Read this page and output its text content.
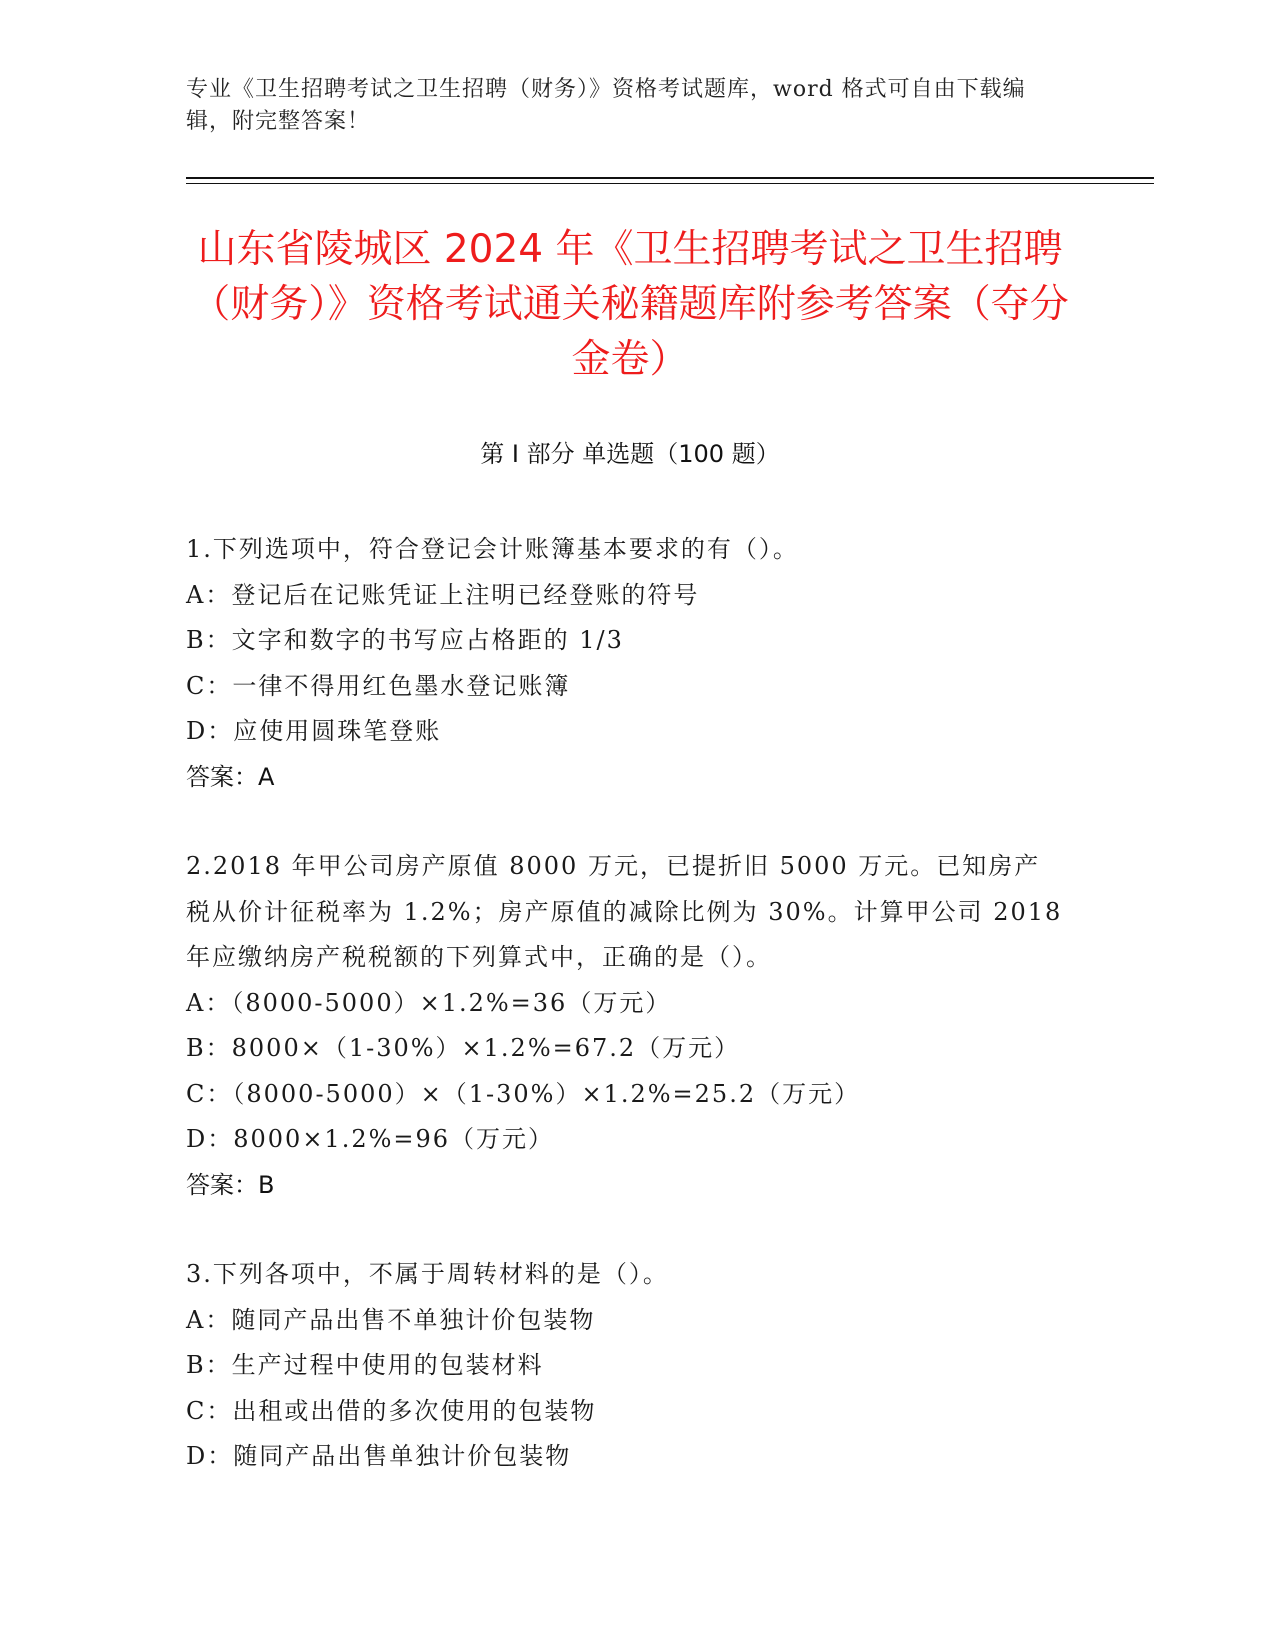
专业《卫生招聘考试之卫生招聘（财务）》资格考试题库，word 格式可自由下载编辑，附完整答案！
山东省陵城区 2024 年《卫生招聘考试之卫生招聘（财务）》资格考试通关秘籍题库附参考答案（夺分金卷）
第 I 部分 单选题（100 题）
1.下列选项中，符合登记会计账簿基本要求的有（）。
A：登记后在记账凭证上注明已经登账的符号
B：文字和数字的书写应占格距的 1/3
C：一律不得用红色墨水登记账簿
D：应使用圆珠笔登账
答案：A
2.2018 年甲公司房产原值 8000 万元，已提折旧 5000 万元。已知房产税从价计征税率为 1.2%；房产原值的减除比例为 30%。计算甲公司 2018 年应缴纳房产税税额的下列算式中，正确的是（）。
A：（8000-5000）×1.2%=36（万元）
B：8000×（1-30%）×1.2%=67.2（万元）
C：（8000-5000）×（1-30%）×1.2%=25.2（万元）
D：8000×1.2%=96（万元）
答案：B
3.下列各项中，不属于周转材料的是（）。
A：随同产品出售不单独计价包装物
B：生产过程中使用的包装材料
C：出租或出借的多次使用的包装物
D：随同产品出售单独计价包装物
